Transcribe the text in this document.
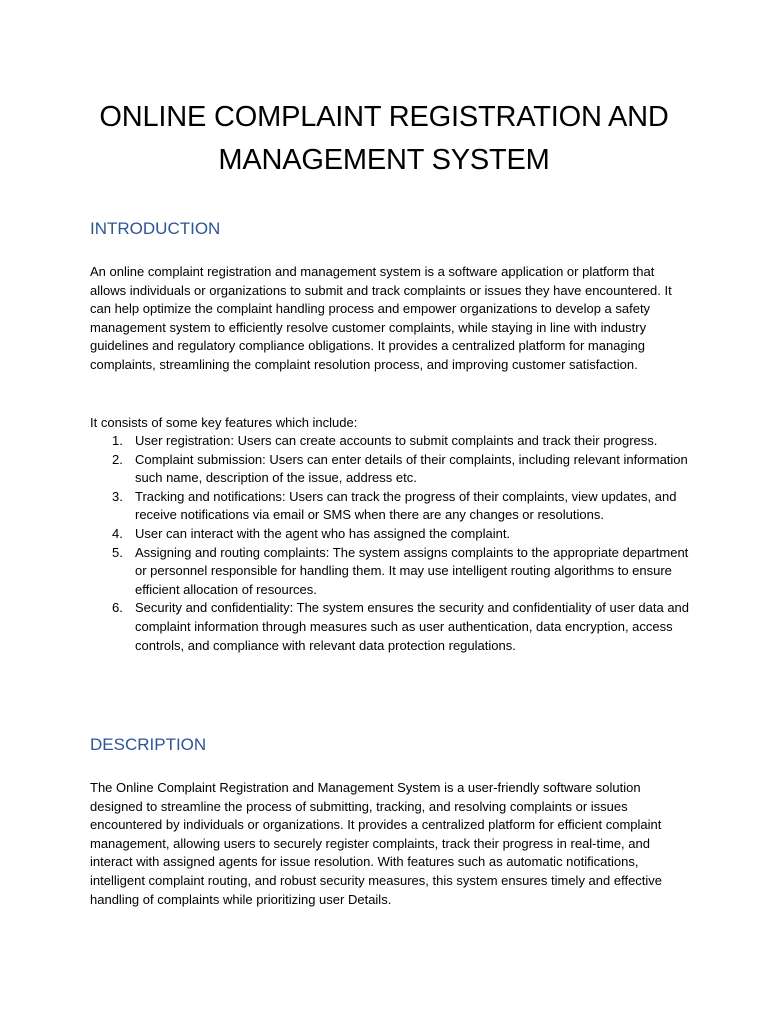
ONLINE COMPLAINT REGISTRATION AND
MANAGEMENT SYSTEM
INTRODUCTION

An online complaint registration and management system is a software application or platform that allows individuals or organizations to submit and track complaints or issues they have encountered. It can help optimize the complaint handling process and empower organizations to develop a safety management system to efficiently resolve customer complaints, while staying in line with industry guidelines and regulatory compliance obligations. It provides a centralized platform for managing complaints, streamlining the complaint resolution process, and improving customer satisfaction.

It consists of some key features which include:

1. User registration: Users can create accounts to submit complaints and track their progress.
2. Complaint submission: Users can enter details of their complaints, including relevant information such name, description of the issue, address etc.
3. Tracking and notifications: Users can track the progress of their complaints, view updates, and receive notifications via email or SMS when there are any changes or resolutions.
4. User can interact with the agent who has assigned the complaint.
5. Assigning and routing complaints: The system assigns complaints to the appropriate department or personnel responsible for handling them. It may use intelligent routing algorithms to ensure efficient allocation of resources.
6. Security and confidentiality: The system ensures the security and confidentiality of user data and complaint information through measures such as user authentication, data encryption, access controls, and compliance with relevant data protection regulations.
DESCRIPTION

The Online Complaint Registration and Management System is a user-friendly software solution designed to streamline the process of submitting, tracking, and resolving complaints or issues encountered by individuals or organizations. It provides a centralized platform for efficient complaint management, allowing users to securely register complaints, track their progress in real-time, and interact with assigned agents for issue resolution. With features such as automatic notifications, intelligent complaint routing, and robust security measures, this system ensures timely and effective handling of complaints while prioritizing user Details.
